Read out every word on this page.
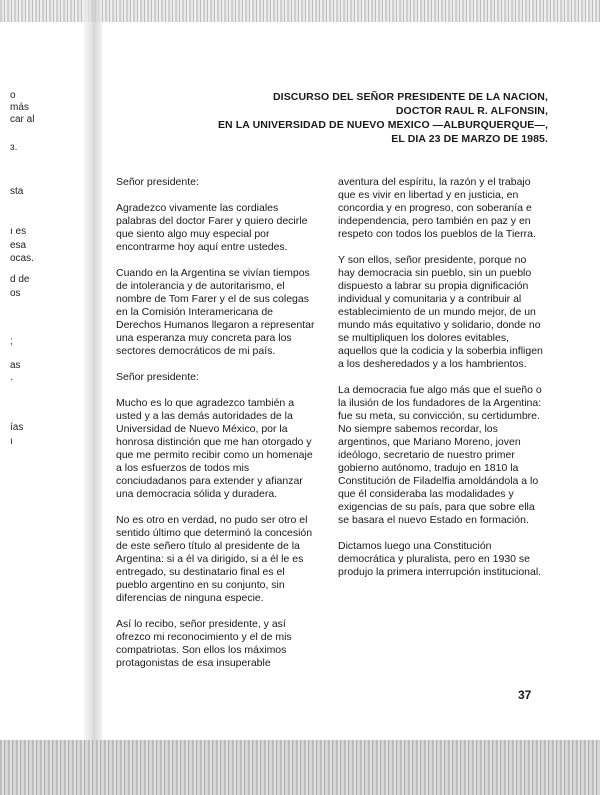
o
más
car al
ɜ.
sta
ı es
esa
ocas.
d de
os
;
as
·
ías
ı
DISCURSO DEL SEÑOR PRESIDENTE DE LA NACION,
DOCTOR RAUL R. ALFONSIN,
EN LA UNIVERSIDAD DE NUEVO MEXICO —ALBURQUERQUE—,
EL DIA 23 DE MARZO DE 1985.

Señor presidente:

Agradezco vivamente las cordiales palabras del doctor Farer y quiero decirle que siento algo muy especial por encontrarme hoy aquí entre ustedes.

Cuando en la Argentina se vivían tiempos de intolerancia y de autoritarismo, el nombre de Tom Farer y el de sus colegas en la Comisión Interamericana de Derechos Humanos llegaron a representar una esperanza muy concreta para los sectores democráticos de mi país.

Señor presidente:

Mucho es lo que agradezco también a usted y a las demás autoridades de la Universidad de Nuevo México, por la honrosa distinción que me han otorgado y que me permito recibir como un homenaje a los esfuerzos de todos mis conciudadanos para extender y afianzar una democracia sólida y duradera.

No es otro en verdad, no pudo ser otro el sentido último que determinó la concesión de este señero título al presidente de la Argentina: si a él va dirigido, si a él le es entregado, su destinatario final es el pueblo argentino en su conjunto, sin diferencias de ninguna especie.

Así lo recibo, señor presidente, y así ofrezco mi reconocimiento y el de mis compatriotas. Son ellos los máximos protagonistas de esa insuperable

aventura del espíritu, la razón y el trabajo que es vivir en libertad y en justicia, en concordia y en progreso, con soberanía e independencia, pero también en paz y en respeto con todos los pueblos de la Tierra.

Y son ellos, señor presidente, porque no hay democracia sin pueblo, sin un pueblo dispuesto a labrar su propia dignificación individual y comunitaria y a contribuir al establecimiento de un mundo mejor, de un mundo más equitativo y solidario, donde no se multipliquen los dolores evitables, aquellos que la codicia y la soberbia infligen a los desheredados y a los hambrientos.

La democracia fue algo más que el sueño o la ilusión de los fundadores de la Argentina: fue su meta, su convicción, su certidumbre. No siempre sabemos recordar, los argentinos, que Mariano Moreno, joven ideólogo, secretario de nuestro primer gobierno autónomo, tradujo en 1810 la Constitución de Filadelfia amoldándola a lo que él consideraba las modalidades y exigencias de su país, para que sobre ella se basara el nuevo Estado en formación.

Dictamos luego una Constitución democrática y pluralista, pero en 1930 se produjo la primera interrupción institucional.

37
